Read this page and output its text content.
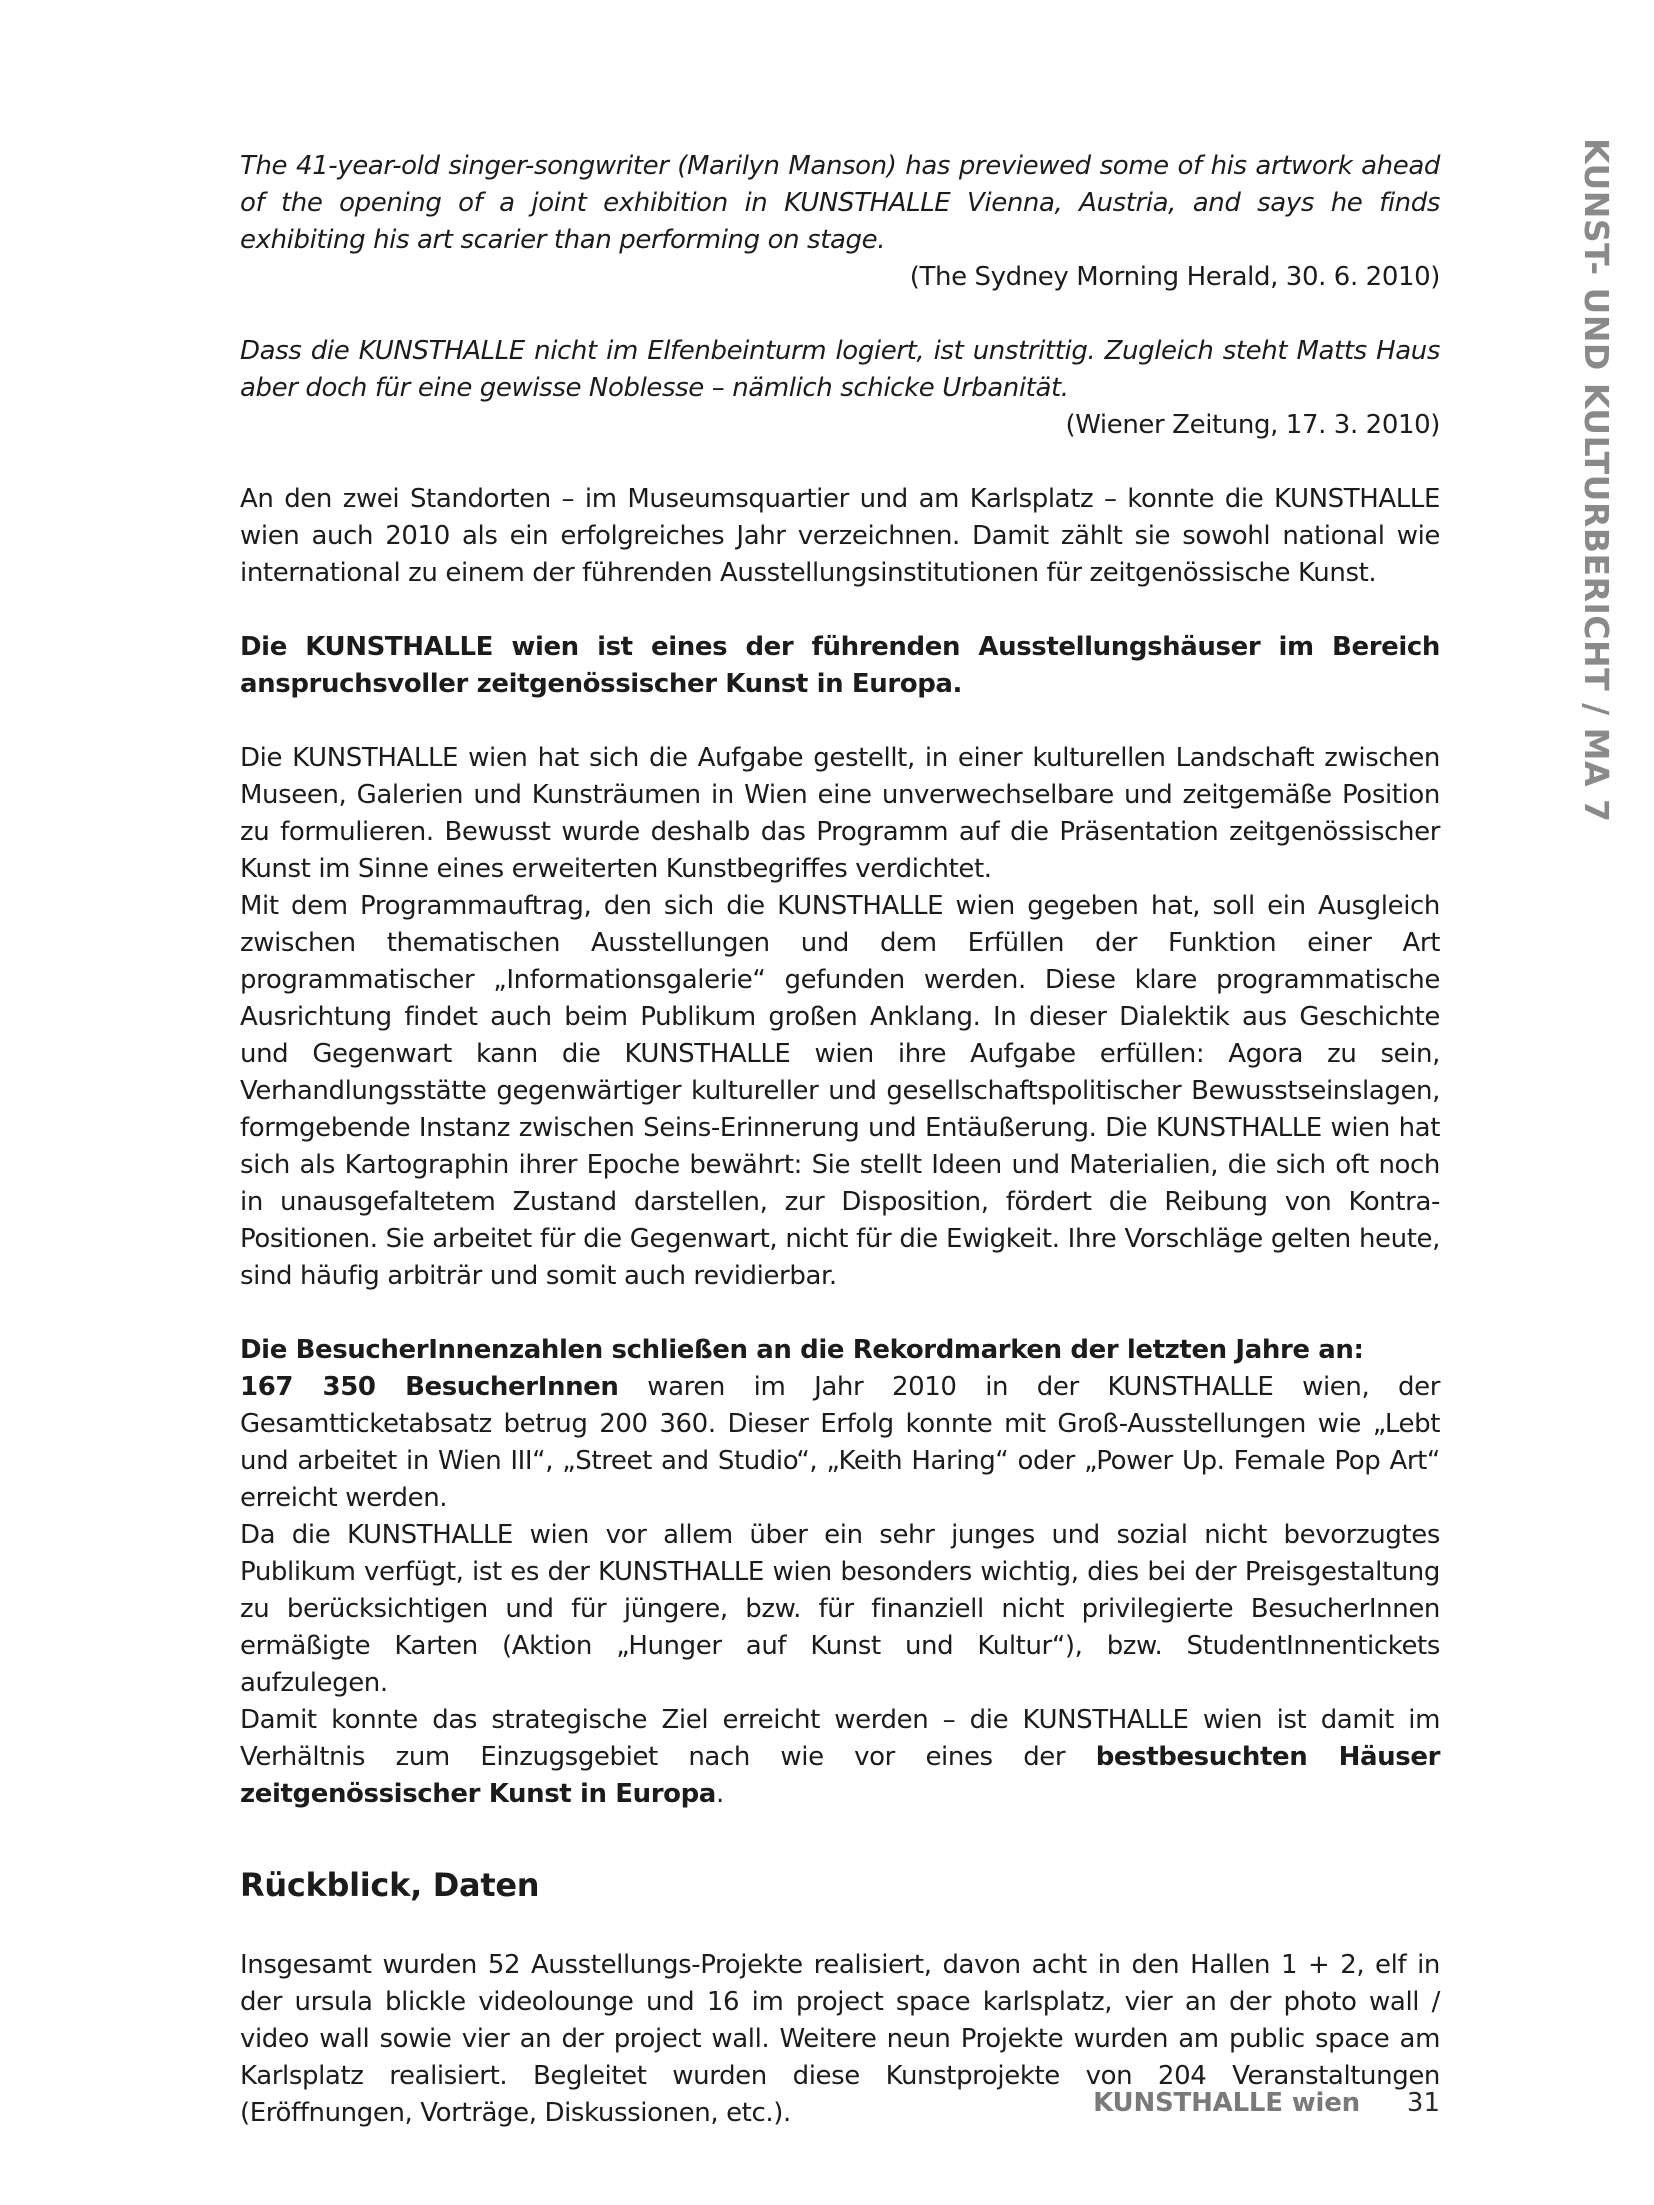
KUNST- UND KULTURBERICHT / MA 7

The 41-year-old singer-songwriter (Marilyn Manson) has previewed some of his artwork ahead of the opening of a joint exhibition in KUNSTHALLE Vienna, Austria, and says he finds exhibiting his art scarier than performing on stage.

(The Sydney Morning Herald, 30. 6. 2010)

Dass die KUNSTHALLE nicht im Elfenbeinturm logiert, ist unstrittig. Zugleich steht Matts Haus aber doch für eine gewisse Noblesse – nämlich schicke Urbanität.

(Wiener Zeitung, 17. 3. 2010)

An den zwei Standorten – im Museumsquartier und am Karlsplatz – konnte die KUNSTHALLE wien auch 2010 als ein erfolgreiches Jahr verzeichnen. Damit zählt sie sowohl national wie international zu einem der führenden Ausstellungsinstitutionen für zeitgenössische Kunst.

Die KUNSTHALLE wien ist eines der führenden Ausstellungshäuser im Bereich anspruchsvoller zeitgenössischer Kunst in Europa.

Die KUNSTHALLE wien hat sich die Aufgabe gestellt, in einer kulturellen Landschaft zwischen Museen, Galerien und Kunsträumen in Wien eine unverwechselbare und zeitgemäße Position zu formulieren. Bewusst wurde deshalb das Programm auf die Präsentation zeitgenössischer Kunst im Sinne eines erweiterten Kunstbegriffes verdichtet.

Mit dem Programmauftrag, den sich die KUNSTHALLE wien gegeben hat, soll ein Ausgleich zwischen thematischen Ausstellungen und dem Erfüllen der Funktion einer Art programmatischer „Informationsgalerie“ gefunden werden. Diese klare programmatische Ausrichtung findet auch beim Publikum großen Anklang. In dieser Dialektik aus Geschichte und Gegenwart kann die KUNSTHALLE wien ihre Aufgabe erfüllen: Agora zu sein, Verhandlungsstätte gegenwärtiger kultureller und gesellschaftspolitischer Bewusstseinslagen, formgebende Instanz zwischen Seins-Erinnerung und Entäußerung. Die KUNSTHALLE wien hat sich als Kartographin ihrer Epoche bewährt: Sie stellt Ideen und Materialien, die sich oft noch in unausgefaltetem Zustand darstellen, zur Disposition, fördert die Reibung von Kontra-Positionen. Sie arbeitet für die Gegenwart, nicht für die Ewigkeit. Ihre Vorschläge gelten heute, sind häufig arbiträr und somit auch revidierbar.

Die BesucherInnenzahlen schließen an die Rekordmarken der letzten Jahre an:

167 350 BesucherInnen waren im Jahr 2010 in der KUNSTHALLE wien, der Gesamtticketabsatz betrug 200 360. Dieser Erfolg konnte mit Groß-Ausstellungen wie „Lebt und arbeitet in Wien III“, „Street and Studio“, „Keith Haring“ oder „Power Up. Female Pop Art“ erreicht werden.

Da die KUNSTHALLE wien vor allem über ein sehr junges und sozial nicht bevorzugtes Publikum verfügt, ist es der KUNSTHALLE wien besonders wichtig, dies bei der Preisgestaltung zu berücksichtigen und für jüngere, bzw. für finanziell nicht privilegierte BesucherInnen ermäßigte Karten (Aktion „Hunger auf Kunst und Kultur“), bzw. StudentInnentickets aufzulegen.

Damit konnte das strategische Ziel erreicht werden – die KUNSTHALLE wien ist damit im Verhältnis zum Einzugsgebiet nach wie vor eines der bestbesuchten Häuser zeitgenössischer Kunst in Europa.

Rückblick, Daten

Insgesamt wurden 52 Ausstellungs-Projekte realisiert, davon acht in den Hallen 1 + 2, elf in der ursula blickle videolounge und 16 im project space karlsplatz, vier an der photo wall / video wall sowie vier an der project wall. Weitere neun Projekte wurden am public space am Karlsplatz realisiert. Begleitet wurden diese Kunstprojekte von 204 Veranstaltungen (Eröffnungen, Vorträge, Diskussionen, etc.).	KUNSTHALLE wien 31
